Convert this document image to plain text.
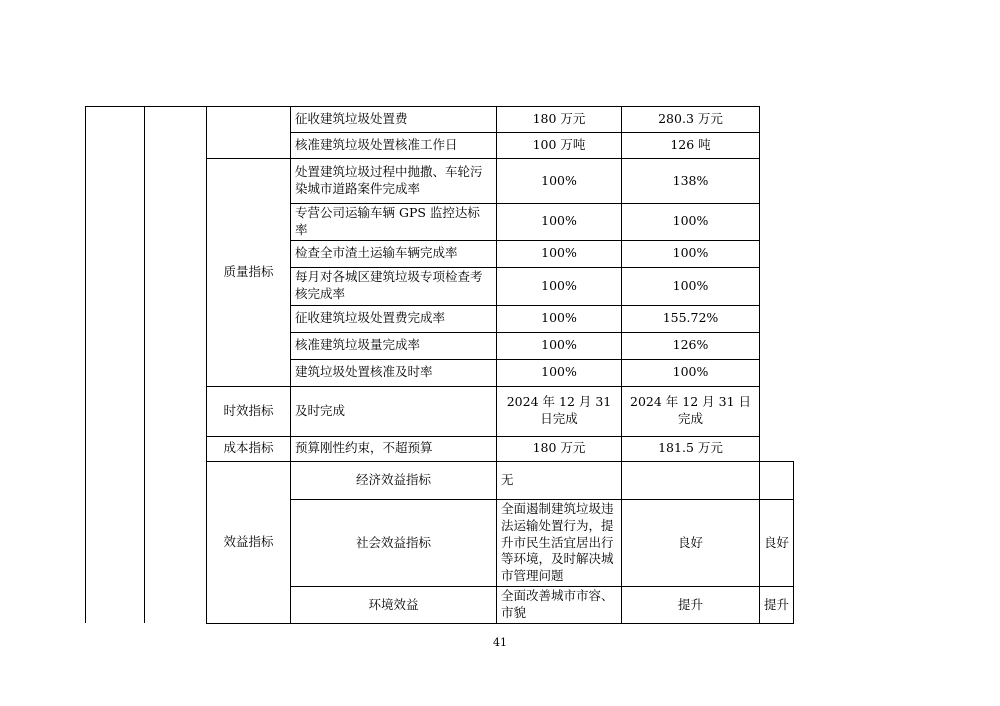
			征收建筑垃圾处置费	180 万元	280.3 万元	
			核准建筑垃圾处置核准工作日	100 万吨	126 吨	
		质量指标	处置建筑垃圾过程中抛撒、车轮污染城市道路案件完成率	100%	138%	
			专营公司运输车辆 GPS 监控达标率	100%	100%	
			检查全市渣土运输车辆完成率	100%	100%	
			每月对各城区建筑垃圾专项检查考核完成率	100%	100%	
			征收建筑垃圾处置费完成率	100%	155.72%	
			核准建筑垃圾量完成率	100%	126%	
			建筑垃圾处置核准及时率	100%	100%	
		时效指标	及时完成	2024 年 12 月 31 日完成	2024 年 12 月 31 日完成	
		成本指标	预算刚性约束，不超预算	180 万元	181.5 万元	
		效益指标	经济效益指标	无		
			社会效益指标	全面遏制建筑垃圾违法运输处置行为，提升市民生活宜居出行等环境，及时解决城市管理问题	良好	良好
			环境效益	全面改善城市市容、市貌	提升	提升
41
